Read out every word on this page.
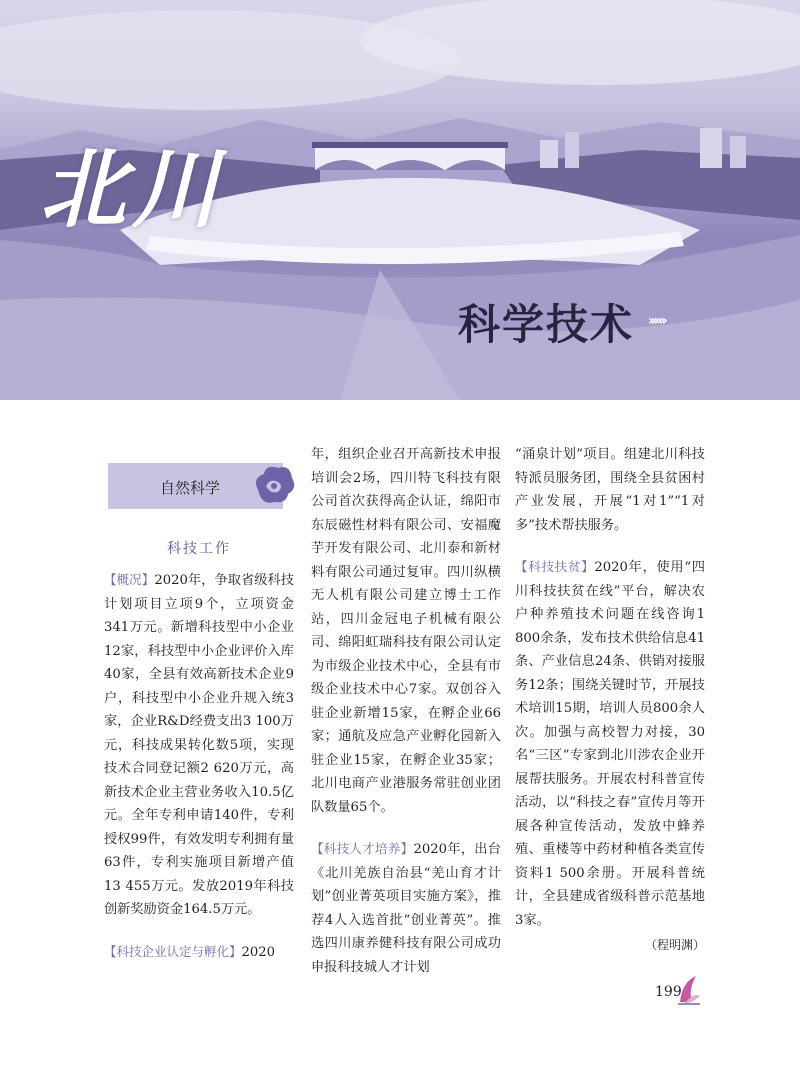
北川
科学技术 ››››››
自然科学
科技工作

【概况】2020年，争取省级科技计划项目立项9个，立项资金341万元。新增科技型中小企业12家，科技型中小企业评价入库40家，全县有效高新技术企业9户，科技型中小企业升规入统3家，企业R&D经费支出3 100万元，科技成果转化数5项，实现技术合同登记额2 620万元，高新技术企业主营业务收入10.5亿元。全年专利申请140件，专利授权99件，有效发明专利拥有量63件，专利实施项目新增产值13 455万元。发放2019年科技创新奖励资金164.5万元。

【科技企业认定与孵化】2020

年，组织企业召开高新技术申报培训会2场，四川特飞科技有限公司首次获得高企认证，绵阳市东辰磁性材料有限公司、安福魔芋开发有限公司、北川泰和新材料有限公司通过复审。四川纵横无人机有限公司建立博士工作站，四川金冠电子机械有限公司、绵阳虹瑞科技有限公司认定为市级企业技术中心，全县有市级企业技术中心7家。双创谷入驻企业新增15家，在孵企业66家；通航及应急产业孵化园新入驻企业15家，在孵企业35家；北川电商产业港服务常驻创业团队数量65个。

【科技人才培养】2020年，出台《北川羌族自治县“羌山育才计划”创业菁英项目实施方案》，推荐4人入选首批“创业菁英”。推选四川康养健科技有限公司成功申报科技城人才计划

“涌泉计划”项目。组建北川科技特派员服务团，围绕全县贫困村产业发展，开展“1对1”“1对多”技术帮扶服务。

【科技扶贫】2020年，使用“四川科技扶贫在线”平台，解决农户种养殖技术问题在线咨询1 800余条，发布技术供给信息41条、产业信息24条、供销对接服务12条；围绕关键时节，开展技术培训15期，培训人员800余人次。加强与高校智力对接，30名“三区”专家到北川涉农企业开展帮扶服务。开展农村科普宣传活动，以“科技之春”宣传月等开展各种宣传活动，发放中蜂养殖、重楼等中药材种植各类宣传资料1 500余册。开展科普统计，全县建成省级科普示范基地3家。

（程明渊）
199
